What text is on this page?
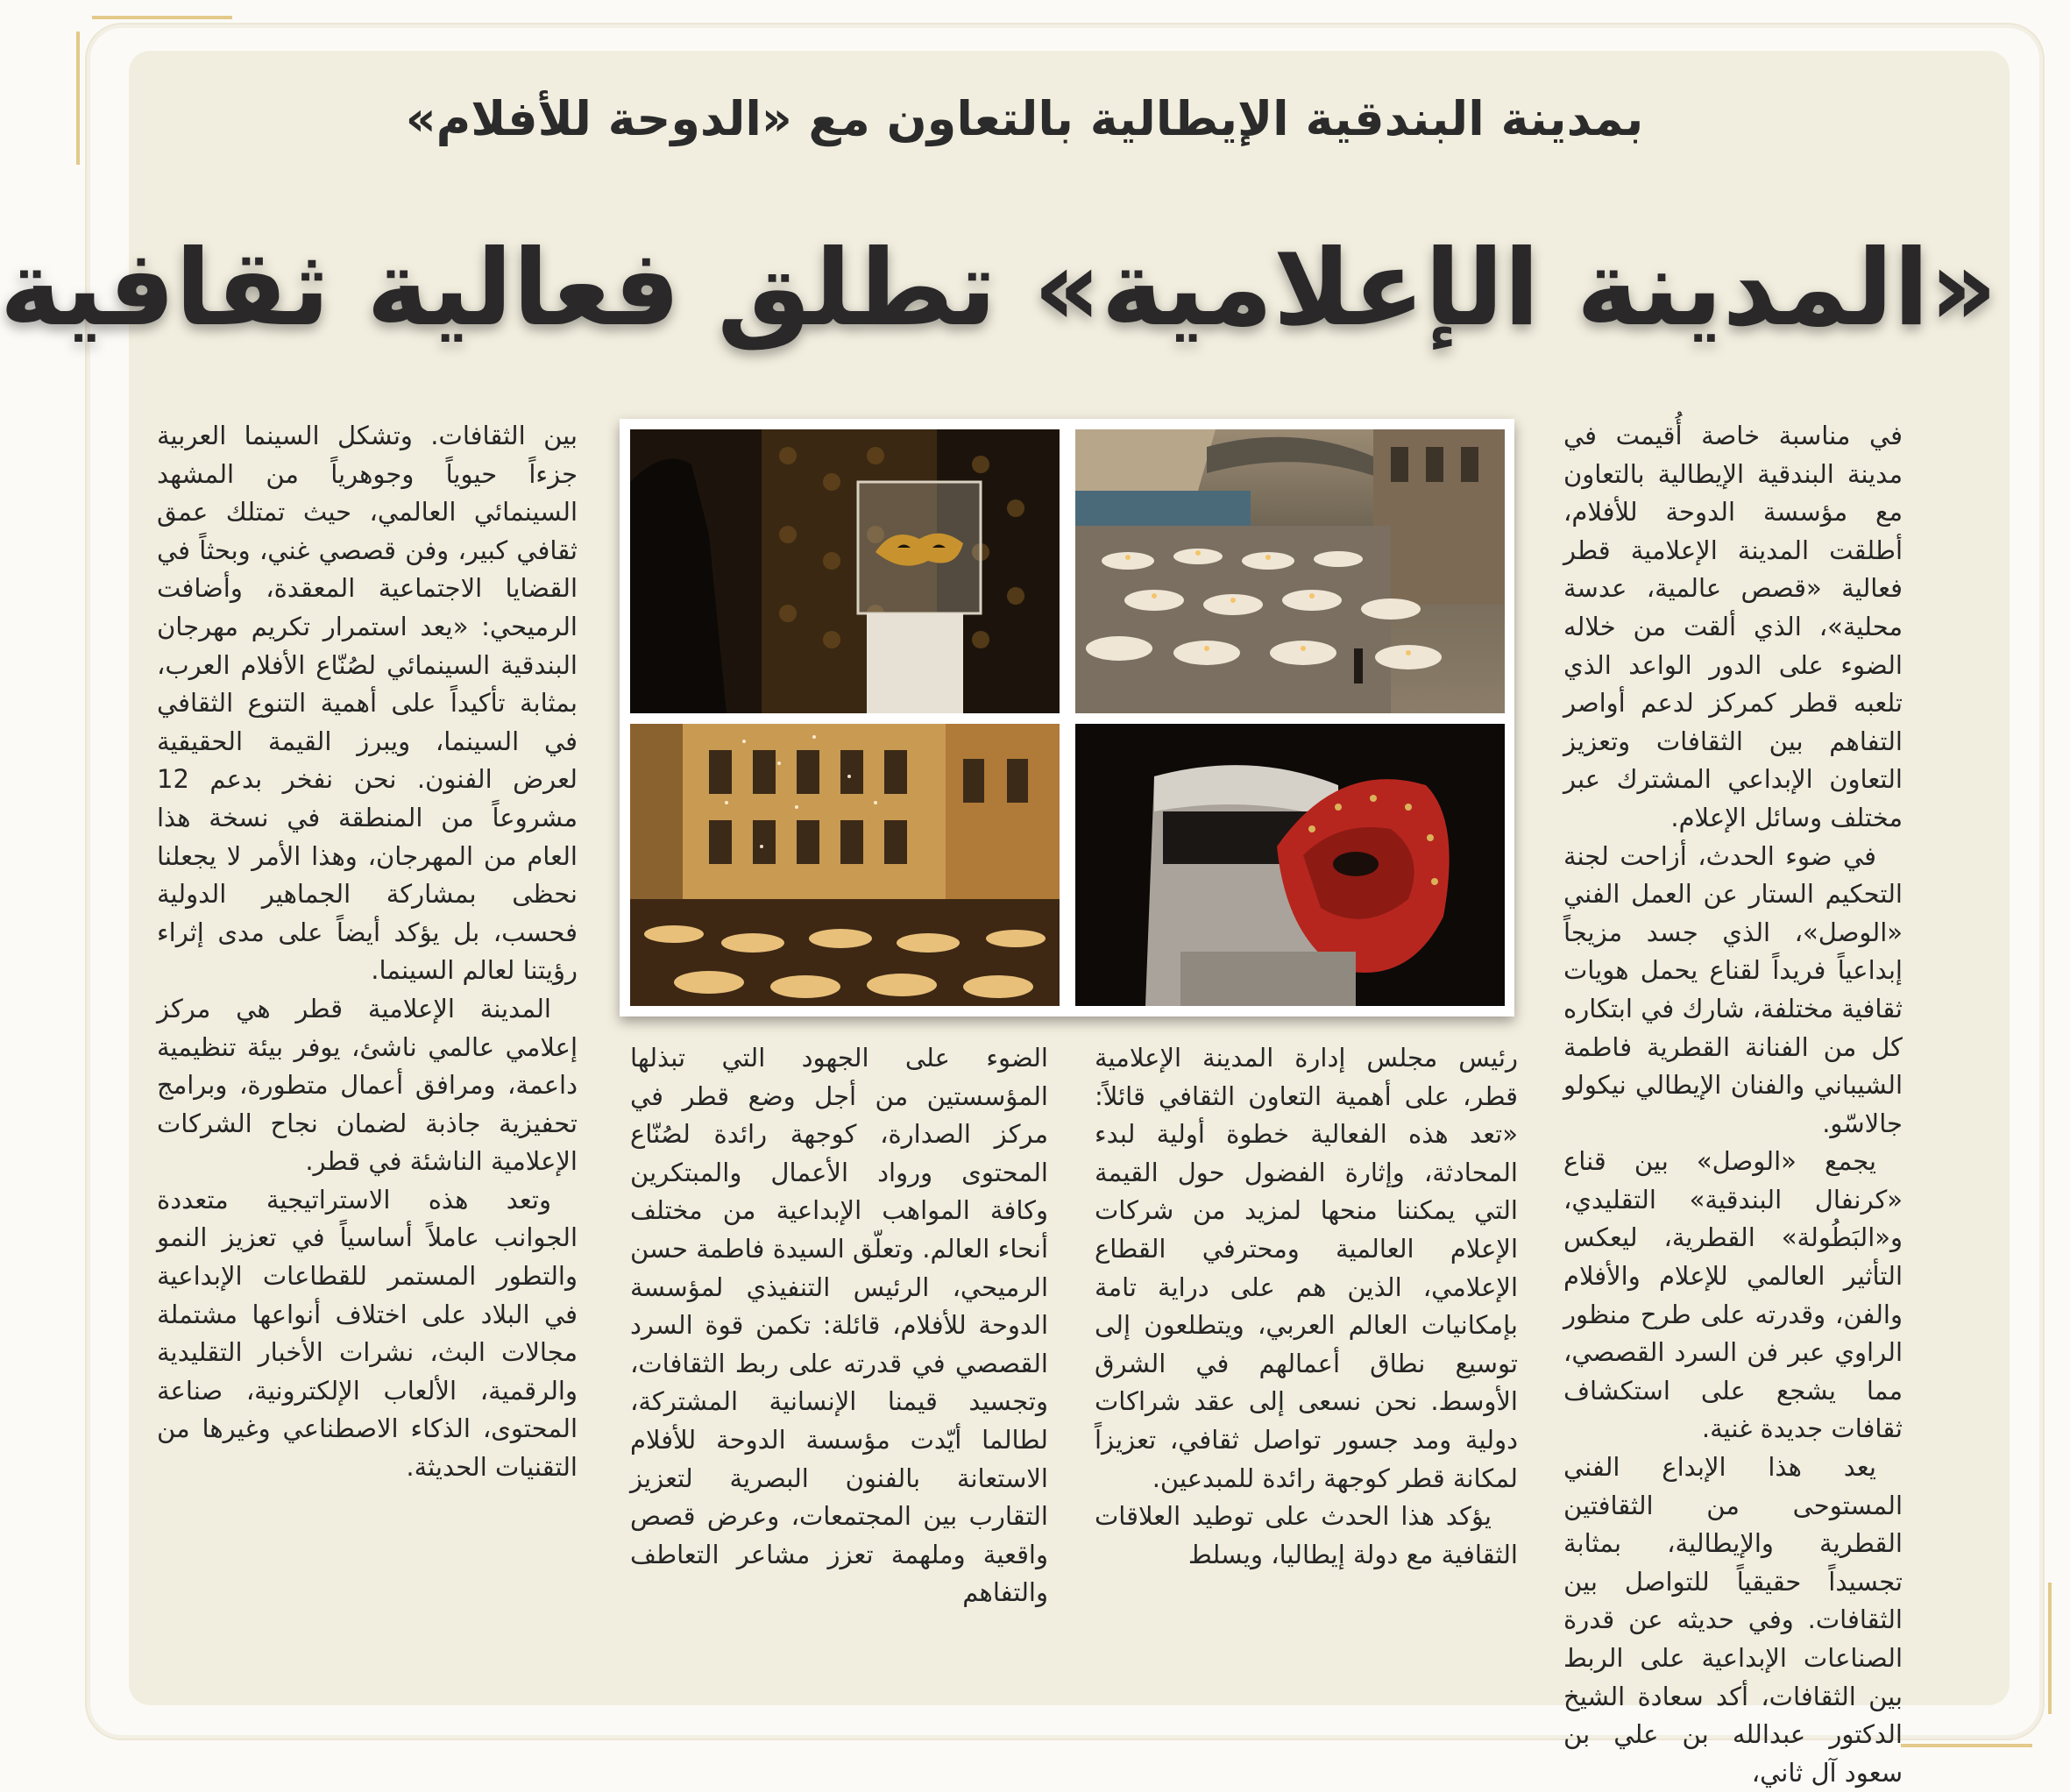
بمدينة البندقية الإيطالية بالتعاون مع «الدوحة للأفلام»
«المدينة الإعلامية» تطلق فعالية ثقافية

في مناسبة خاصة أُقيمت في مدينة البندقية الإيطالية بالتعاون مع مؤسسة الدوحة للأفلام، أطلقت المدينة الإعلامية قطر فعالية «قصص عالمية، عدسة محلية»، الذي ألقت من خلاله الضوء على الدور الواعد الذي تلعبه قطر كمركز لدعم أواصر التفاهم بين الثقافات وتعزيز التعاون الإبداعي المشترك عبر مختلف وسائل الإعلام.

في ضوء الحدث، أزاحت لجنة التحكيم الستار عن العمل الفني «الوصل»، الذي جسد مزيجاً إبداعياً فريداً لقناع يحمل هويات ثقافية مختلفة، شارك في ابتكاره كل من الفنانة القطرية فاطمة الشيباني والفنان الإيطالي نيكولو جالاسّو.

يجمع «الوصل» بين قناع «كرنفال البندقية» التقليدي، و«البَطُولة» القطرية، ليعكس التأثير العالمي للإعلام والأفلام والفن، وقدرته على طرح منظور الراوي عبر فن السرد القصصي، مما يشجع على استكشاف ثقافات جديدة غنية.

يعد هذا الإبداع الفني المستوحى من الثقافتين القطرية والإيطالية، بمثابة تجسيداً حقيقياً للتواصل بين الثقافات. وفي حديثه عن قدرة الصناعات الإبداعية على الربط بين الثقافات، أكد سعادة الشيخ الدكتور عبدالله بن علي بن سعود آل ثاني،

رئيس مجلس إدارة المدينة الإعلامية قطر، على أهمية التعاون الثقافي قائلاً: «تعد هذه الفعالية خطوة أولية لبدء المحادثة، وإثارة الفضول حول القيمة التي يمكننا منحها لمزيد من شركات الإعلام العالمية ومحترفي القطاع الإعلامي، الذين هم على دراية تامة بإمكانيات العالم العربي، ويتطلعون إلى توسيع نطاق أعمالهم في الشرق الأوسط. نحن نسعى إلى عقد شراكات دولية ومد جسور تواصل ثقافي، تعزيزاً لمكانة قطر كوجهة رائدة للمبدعين.

يؤكد هذا الحدث على توطيد العلاقات الثقافية مع دولة إيطاليا، ويسلط

الضوء على الجهود التي تبذلها المؤسستين من أجل وضع قطر في مركز الصدارة، كوجهة رائدة لصُنّاع المحتوى ورواد الأعمال والمبتكرين وكافة المواهب الإبداعية من مختلف أنحاء العالم. وتعلّق السيدة فاطمة حسن الرميحي، الرئيس التنفيذي لمؤسسة الدوحة للأفلام، قائلة: تكمن قوة السرد القصصي في قدرته على ربط الثقافات، وتجسيد قيمنا الإنسانية المشتركة، لطالما أيّدت مؤسسة الدوحة للأفلام الاستعانة بالفنون البصرية لتعزيز التقارب بين المجتمعات، وعرض قصص واقعية وملهمة تعزز مشاعر التعاطف والتفاهم

بين الثقافات. وتشكل السينما العربية جزءاً حيوياً وجوهرياً من المشهد السينمائي العالمي، حيث تمتلك عمق ثقافي كبير، وفن قصصي غني، وبحثاً في القضايا الاجتماعية المعقدة، وأضافت الرميحي: «يعد استمرار تكريم مهرجان البندقية السينمائي لصُنّاع الأفلام العرب، بمثابة تأكيداً على أهمية التنوع الثقافي في السينما، ويبرز القيمة الحقيقية لعرض الفنون. نحن نفخر بدعم 12 مشروعاً من المنطقة في نسخة هذا العام من المهرجان، وهذا الأمر لا يجعلنا نحظى بمشاركة الجماهير الدولية فحسب، بل يؤكد أيضاً على مدى إثراء رؤيتنا لعالم السينما.

المدينة الإعلامية قطر هي مركز إعلامي عالمي ناشئ، يوفر بيئة تنظيمية داعمة، ومرافق أعمال متطورة، وبرامج تحفيزية جاذبة لضمان نجاح الشركات الإعلامية الناشئة في قطر.

وتعد هذه الاستراتيجية متعددة الجوانب عاملاً أساسياً في تعزيز النمو والتطور المستمر للقطاعات الإبداعية في البلاد على اختلاف أنواعها مشتملة مجالات البث، نشرات الأخبار التقليدية والرقمية، الألعاب الإلكترونية، صناعة المحتوى، الذكاء الاصطناعي وغيرها من التقنيات الحديثة.
